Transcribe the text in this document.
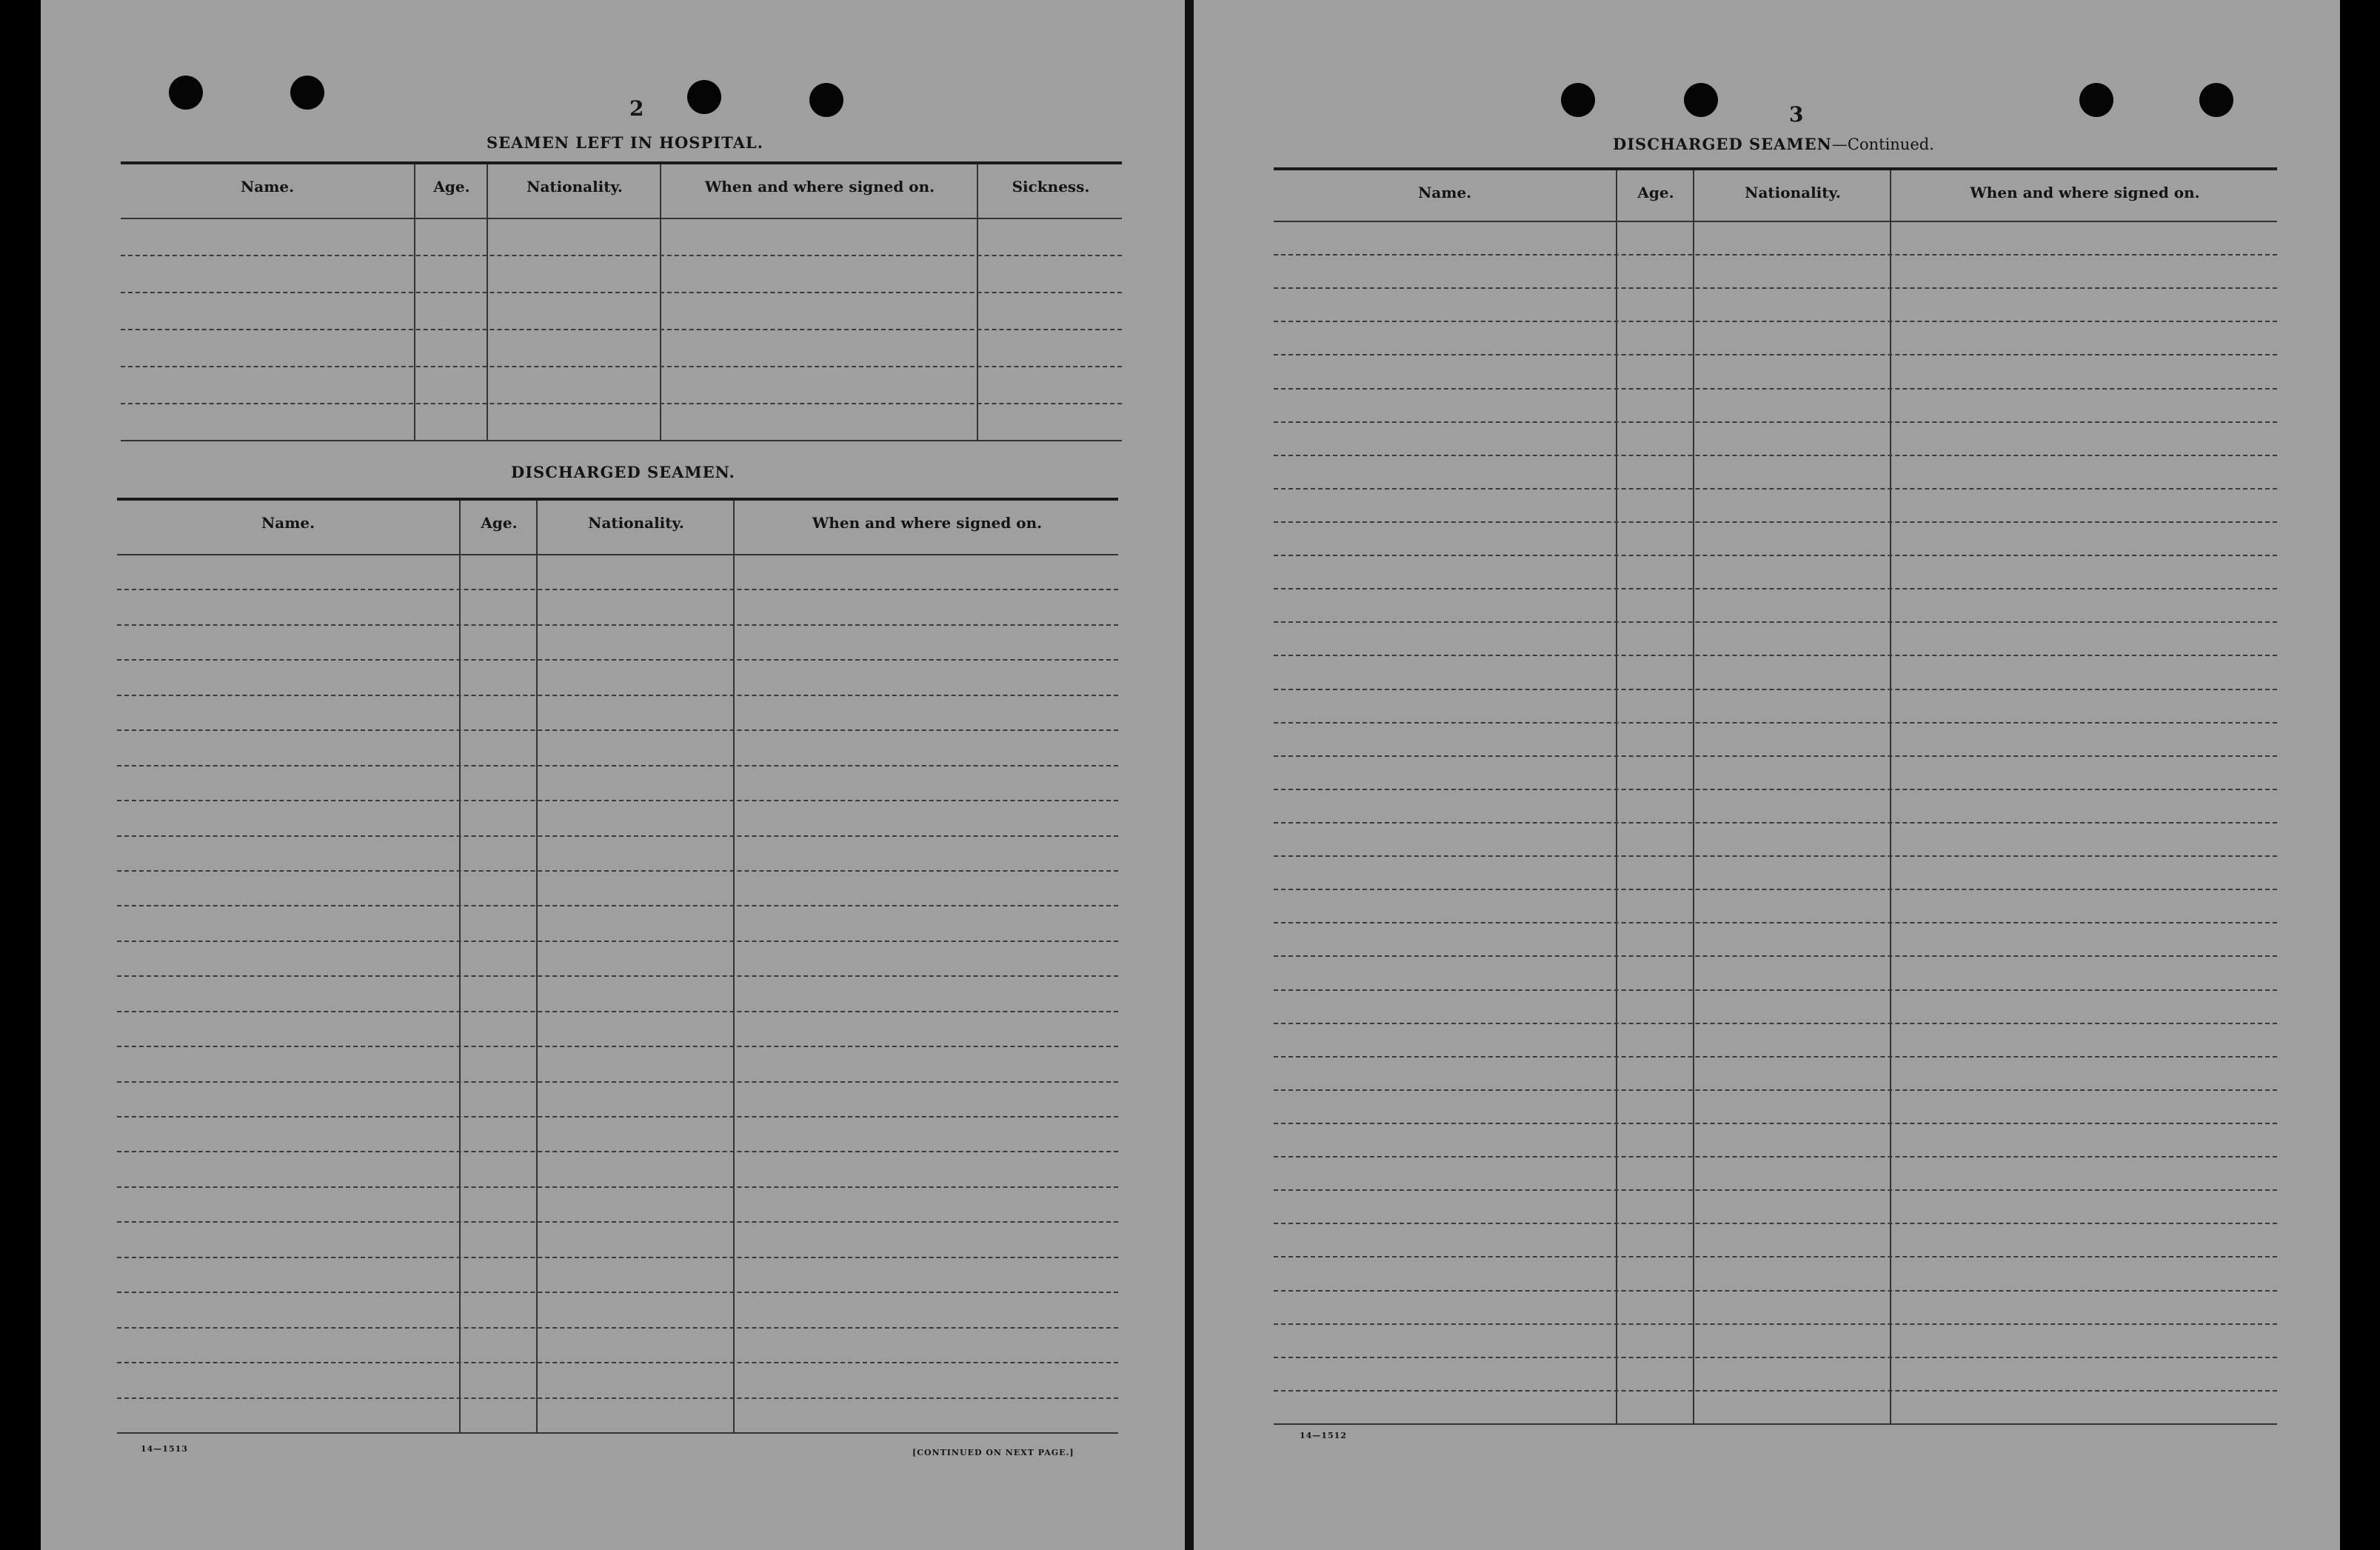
2
SEAMEN LEFT IN HOSPITAL.
Name.	Age.	Nationality.	When and where signed on.	Sickness.
DISCHARGED SEAMEN.
Name.	Age.	Nationality.	When and where signed on.
14—1513	[CONTINUED ON NEXT PAGE.]
3
DISCHARGED SEAMEN—Continued.
Name.	Age.	Nationality.	When and where signed on.
14—1512
